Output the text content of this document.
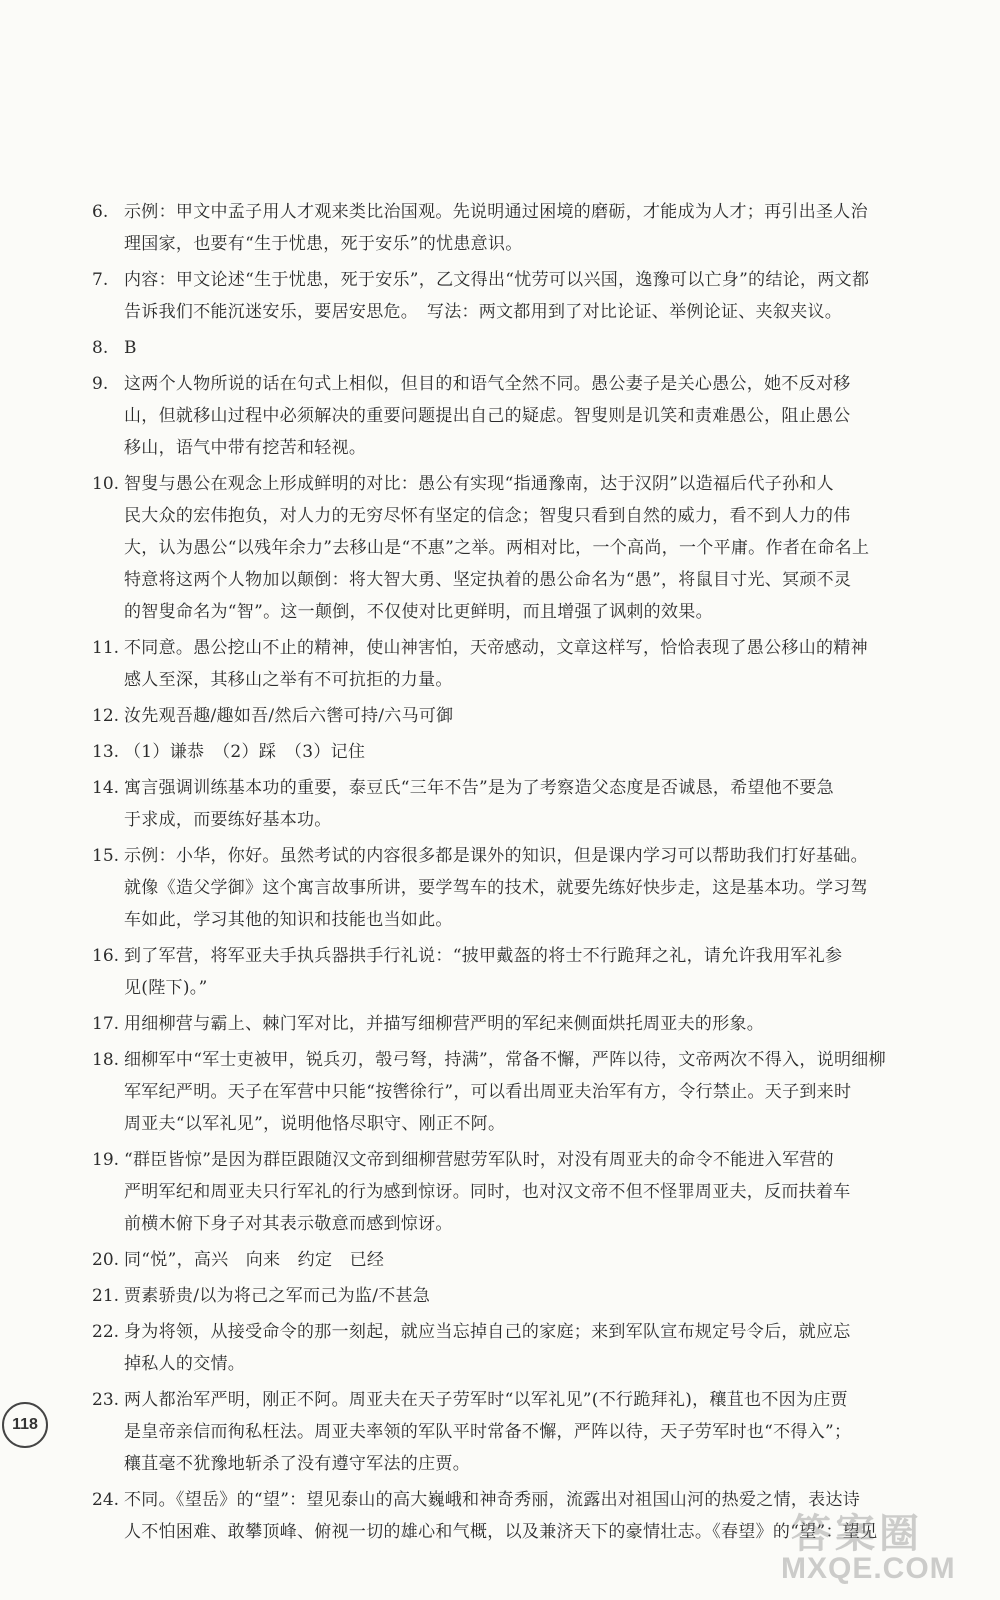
6. 示例：甲文中孟子用人才观来类比治国观。先说明通过困境的磨砺，才能成为人才；再引出圣人治
理国家，也要有“生于忧患，死于安乐”的忧患意识。
7. 内容：甲文论述“生于忧患，死于安乐”，乙文得出“忧劳可以兴国，逸豫可以亡身”的结论，两文都
告诉我们不能沉迷安乐，要居安思危。　写法：两文都用到了对比论证、举例论证、夹叙夹议。
8. B
9. 这两个人物所说的话在句式上相似，但目的和语气全然不同。愚公妻子是关心愚公，她不反对移
山，但就移山过程中必须解决的重要问题提出自己的疑虑。智叟则是讥笑和责难愚公，阻止愚公
移山，语气中带有挖苦和轻视。
10. 智叟与愚公在观念上形成鲜明的对比：愚公有实现“指通豫南，达于汉阴”以造福后代子孙和人
民大众的宏伟抱负，对人力的无穷尽怀有坚定的信念；智叟只看到自然的威力，看不到人力的伟
大，认为愚公“以残年余力”去移山是“不惠”之举。两相对比，一个高尚，一个平庸。作者在命名上
特意将这两个人物加以颠倒：将大智大勇、坚定执着的愚公命名为“愚”，将鼠目寸光、冥顽不灵
的智叟命名为“智”。这一颠倒，不仅使对比更鲜明，而且增强了讽刺的效果。
11. 不同意。愚公挖山不止的精神，使山神害怕，天帝感动，文章这样写，恰恰表现了愚公移山的精神
感人至深，其移山之举有不可抗拒的力量。
12. 汝先观吾趣/趣如吾/然后六辔可持/六马可御
13. （1）谦恭　（2）踩　（3）记住
14. 寓言强调训练基本功的重要，泰豆氏“三年不告”是为了考察造父态度是否诚恳，希望他不要急
于求成，而要练好基本功。
15. 示例：小华，你好。虽然考试的内容很多都是课外的知识，但是课内学习可以帮助我们打好基础。
就像《造父学御》这个寓言故事所讲，要学驾车的技术，就要先练好快步走，这是基本功。学习驾
车如此，学习其他的知识和技能也当如此。
16. 到了军营，将军亚夫手执兵器拱手行礼说：“披甲戴盔的将士不行跪拜之礼，请允许我用军礼参
见(陛下)。”
17. 用细柳营与霸上、棘门军对比，并描写细柳营严明的军纪来侧面烘托周亚夫的形象。
18. 细柳军中“军士吏被甲，锐兵刃，彀弓弩，持满”，常备不懈，严阵以待，文帝两次不得入，说明细柳
军军纪严明。天子在军营中只能“按辔徐行”，可以看出周亚夫治军有方，令行禁止。天子到来时
周亚夫“以军礼见”，说明他恪尽职守、刚正不阿。
19. “群臣皆惊”是因为群臣跟随汉文帝到细柳营慰劳军队时，对没有周亚夫的命令不能进入军营的
严明军纪和周亚夫只行军礼的行为感到惊讶。同时，也对汉文帝不但不怪罪周亚夫，反而扶着车
前横木俯下身子对其表示敬意而感到惊讶。
20. 同“悦”，高兴　向来　约定　已经
21. 贾素骄贵/以为将己之军而己为监/不甚急
22. 身为将领，从接受命令的那一刻起，就应当忘掉自己的家庭；来到军队宣布规定号令后，就应忘
掉私人的交情。
23. 两人都治军严明，刚正不阿。周亚夫在天子劳军时“以军礼见”(不行跪拜礼)，穰苴也不因为庄贾
是皇帝亲信而徇私枉法。周亚夫率领的军队平时常备不懈，严阵以待，天子劳军时也“不得入”；
穰苴毫不犹豫地斩杀了没有遵守军法的庄贾。
24. 不同。《望岳》的“望”：望见泰山的高大巍峨和神奇秀丽，流露出对祖国山河的热爱之情，表达诗
人不怕困难、敢攀顶峰、俯视一切的雄心和气概，以及兼济天下的豪情壮志。《春望》的“望”：望见
118
答案圈
MXQE.COM
